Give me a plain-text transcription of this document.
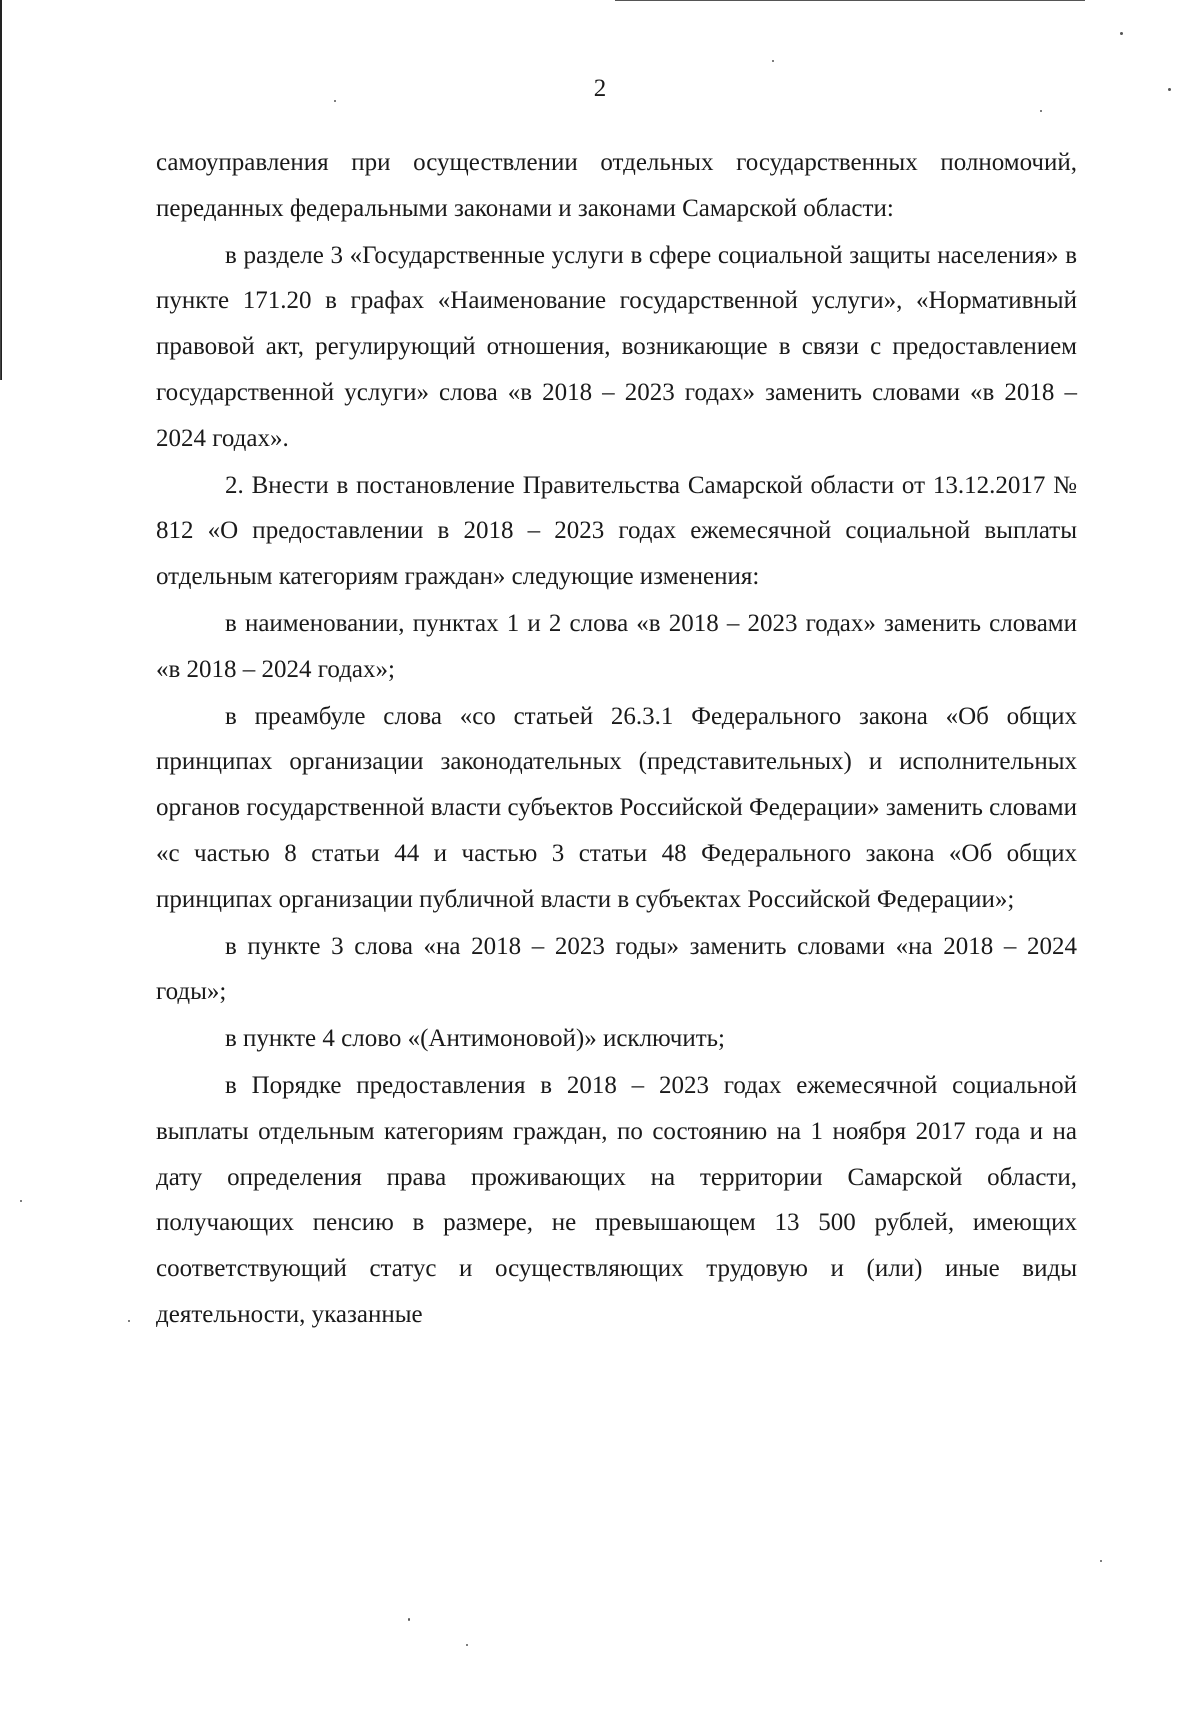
2

самоуправления при осуществлении отдельных государственных полномочий, переданных федеральными законами и законами Самарской области:

в разделе 3 «Государственные услуги в сфере социальной защиты населения» в пункте 171.20 в графах «Наименование государственной услуги», «Нормативный правовой акт, регулирующий отношения, возникающие в связи с предоставлением государственной услуги» слова «в 2018 – 2023 годах» заменить словами «в 2018 – 2024 годах».

2. Внести в постановление Правительства Самарской области от 13.12.2017 № 812 «О предоставлении в 2018 – 2023 годах ежемесячной социальной выплаты отдельным категориям граждан» следующие изменения:

в наименовании, пунктах 1 и 2 слова «в 2018 – 2023 годах» заменить словами «в 2018 – 2024 годах»;

в преамбуле слова «со статьей 26.3.1 Федерального закона «Об общих принципах организации законодательных (представительных) и исполнительных органов государственной власти субъектов Российской Федерации» заменить словами «с частью 8 статьи 44 и частью 3 статьи 48 Федерального закона «Об общих принципах организации публичной власти в субъектах Российской Федерации»;

в пункте 3 слова «на 2018 – 2023 годы» заменить словами «на 2018 – 2024 годы»;

в пункте 4 слово «(Антимоновой)» исключить;

в Порядке предоставления в 2018 – 2023 годах ежемесячной социальной выплаты отдельным категориям граждан, по состоянию на 1 ноября 2017 года и на дату определения права проживающих на территории Самарской области, получающих пенсию в размере, не превышающем 13 500 рублей, имеющих соответствующий статус и осуществляющих трудовую и (или) иные виды деятельности, указанные
